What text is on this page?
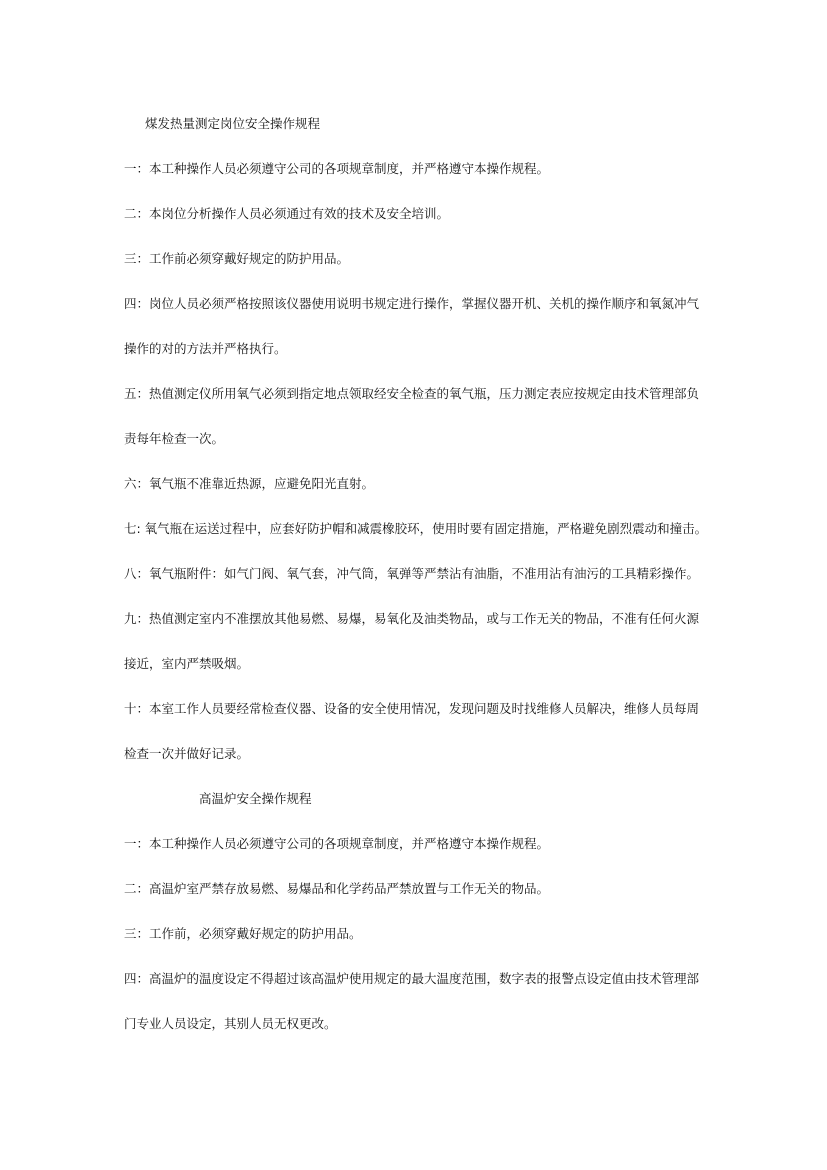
煤发热量测定岗位安全操作规程
一：本工种操作人员必须遵守公司的各项规章制度，并严格遵守本操作规程。
二：本岗位分析操作人员必须通过有效的技术及安全培训。
三：工作前必须穿戴好规定的防护用品。
四：岗位人员必须严格按照该仪器使用说明书规定进行操作，掌握仪器开机、关机的操作顺序和氧氮冲气
操作的对的方法并严格执行。
五：热值测定仪所用氧气必须到指定地点领取经安全检查的氧气瓶，压力测定表应按规定由技术管理部负
责每年检查一次。
六：氧气瓶不准靠近热源，应避免阳光直射。
七: 氧气瓶在运送过程中，应套好防护帽和减震橡胶环，使用时要有固定措施，严格避免剧烈震动和撞击。
八：氧气瓶附件：如气门阀、氧气套，冲气筒，氧弹等严禁沾有油脂，不准用沾有油污的工具精彩操作。
九：热值测定室内不准摆放其他易燃、易爆，易氧化及油类物品，或与工作无关的物品，不准有任何火源
接近，室内严禁吸烟。
十：本室工作人员要经常检查仪器、设备的安全使用情况，发现问题及时找维修人员解决，维修人员每周
检查一次并做好记录。
高温炉安全操作规程
一：本工种操作人员必须遵守公司的各项规章制度，并严格遵守本操作规程。
二：高温炉室严禁存放易燃、易爆品和化学药品严禁放置与工作无关的物品。
三：工作前，必须穿戴好规定的防护用品。
四：高温炉的温度设定不得超过该高温炉使用规定的最大温度范围，数字表的报警点设定值由技术管理部
门专业人员设定，其别人员无权更改。
